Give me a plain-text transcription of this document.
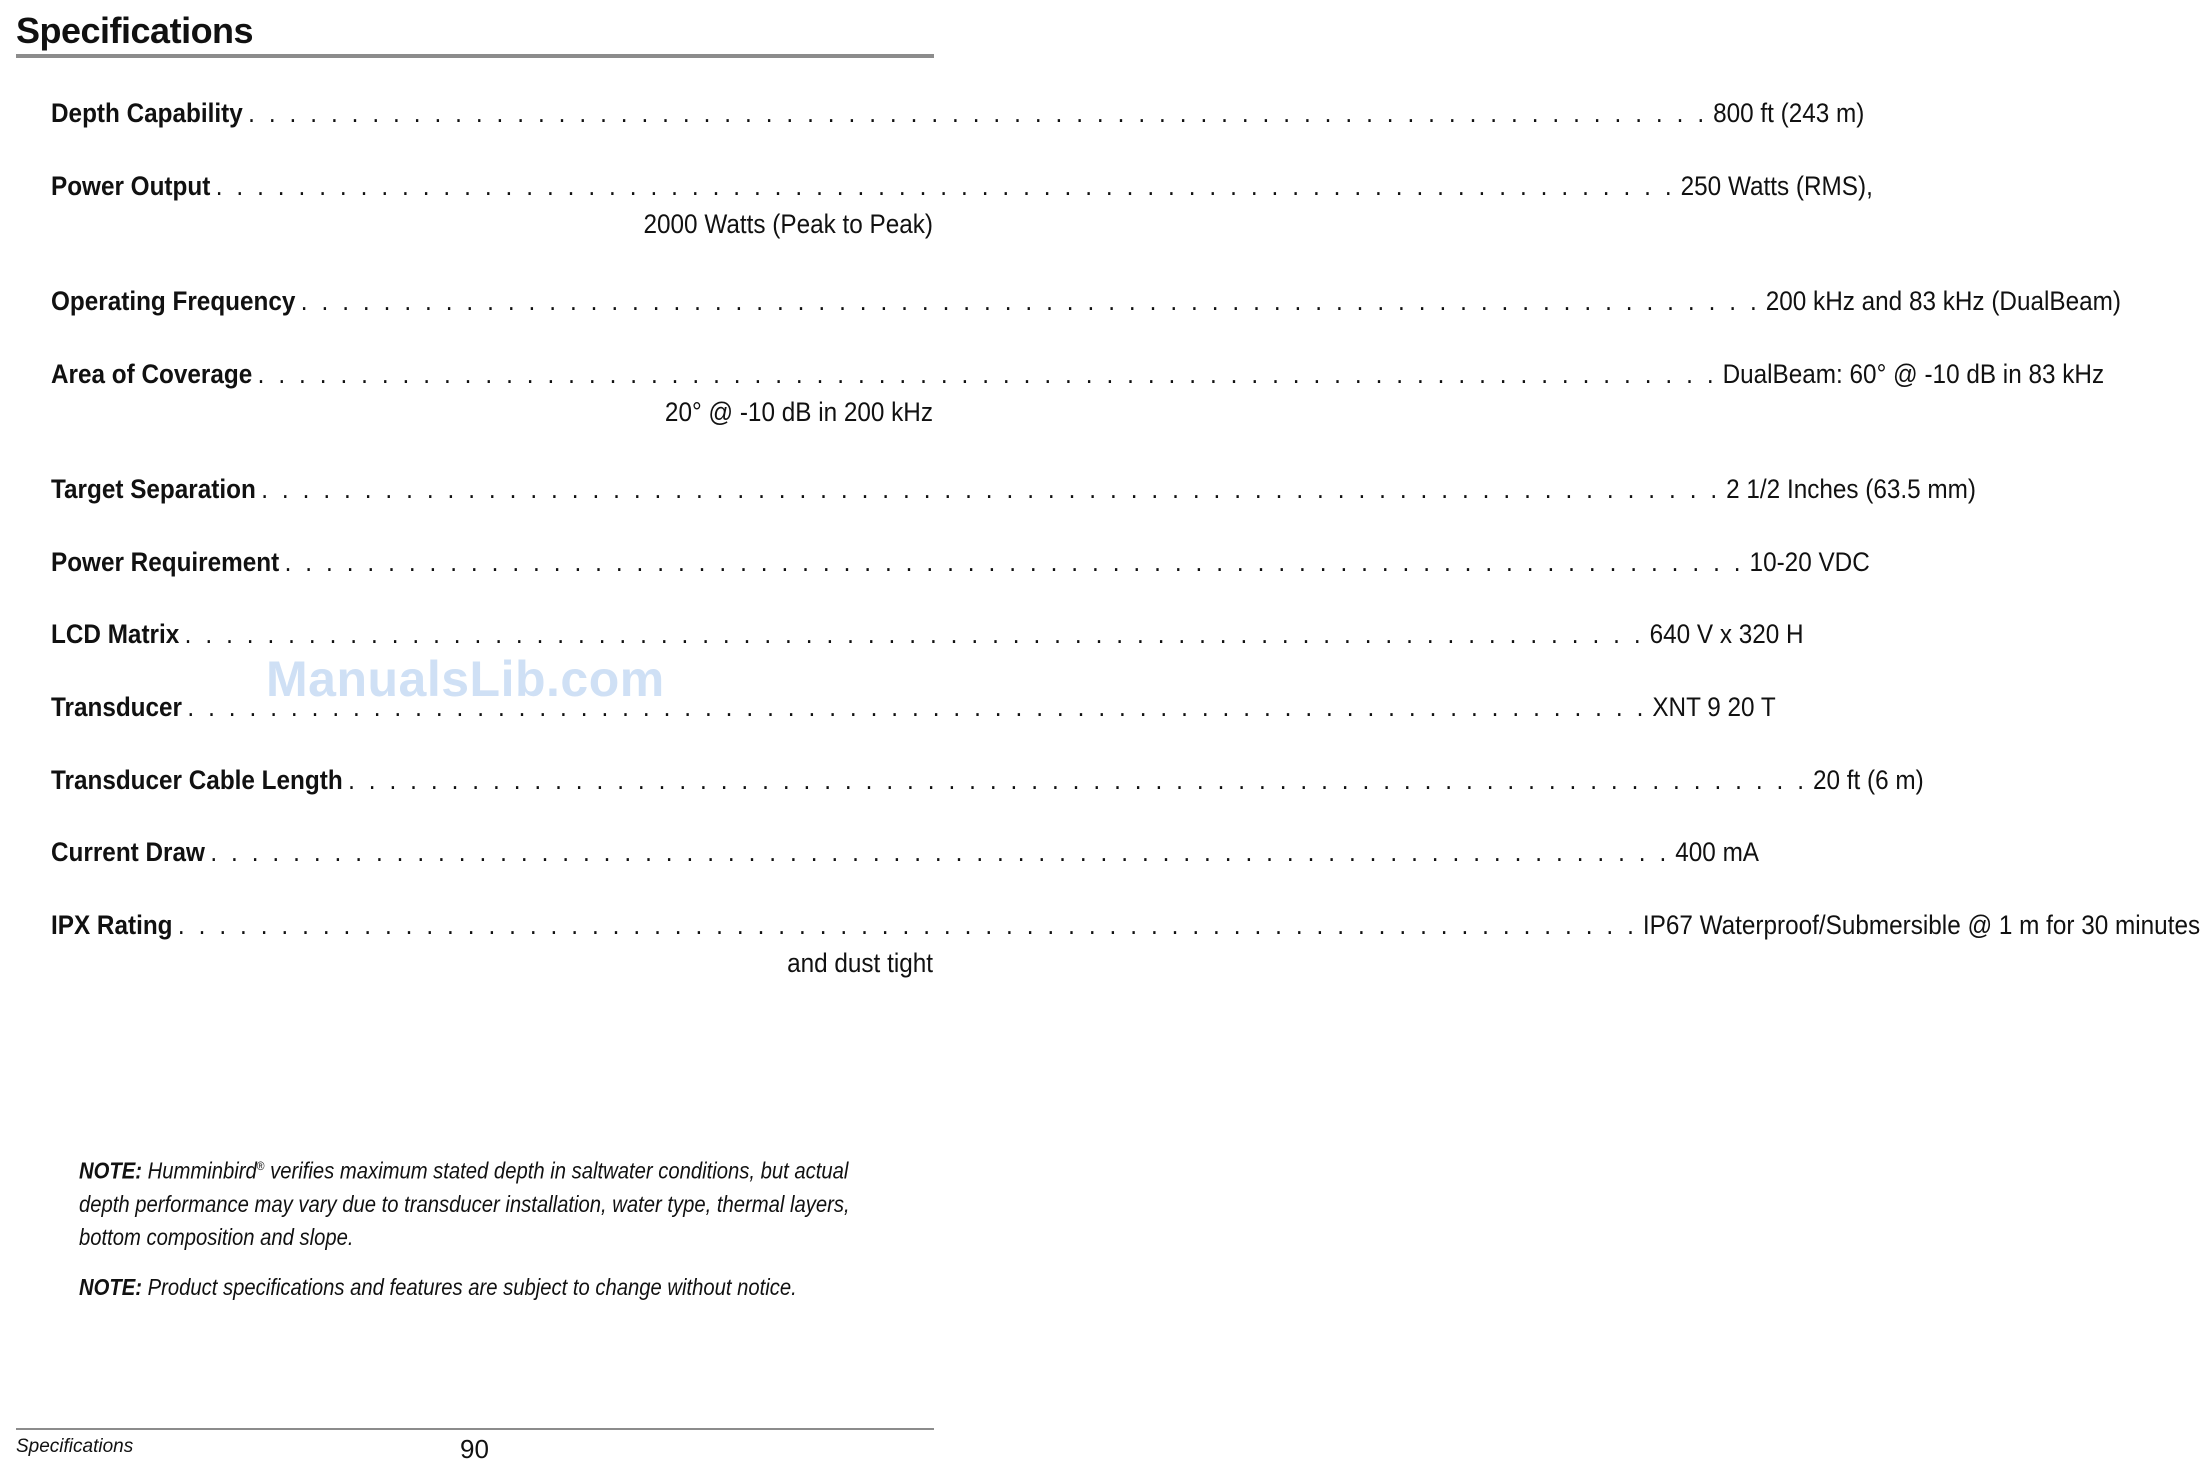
Specifications
Depth Capability . . . . . . . . . . . . . . . . . . . . . . . . . . . . . . . . . . . . . . . . . . . . . . . . . . . . . . . . . . . . . . . . . . . . . . . 800 ft (243 m)
Power Output . . . . . . . . . . . . . . . . . . . . . . . . . . . . . . . . . . . . . . . . . . . . . . . . . . . . . . . . . . . . . . . . . . . . . . . 250 Watts (RMS),
2000 Watts (Peak to Peak)
Operating Frequency . . . . . . . . . . . . . . . . . . . . . . . . . . . . . . . . . . . . . . . . . . . . . . . . . . . . . . . . . . . . . . . . . . . . . . . 200 kHz and 83 kHz (DualBeam)
Area of Coverage . . . . . . . . . . . . . . . . . . . . . . . . . . . . . . . . . . . . . . . . . . . . . . . . . . . . . . . . . . . . . . . . . . . . . . . DualBeam: 60° @ -10 dB in 83 kHz
20° @ -10 dB in 200 kHz
Target Separation . . . . . . . . . . . . . . . . . . . . . . . . . . . . . . . . . . . . . . . . . . . . . . . . . . . . . . . . . . . . . . . . . . . . . . . 2 1/2 Inches (63.5 mm)
Power Requirement . . . . . . . . . . . . . . . . . . . . . . . . . . . . . . . . . . . . . . . . . . . . . . . . . . . . . . . . . . . . . . . . . . . . . . . 10-20 VDC
LCD Matrix . . . . . . . . . . . . . . . . . . . . . . . . . . . . . . . . . . . . . . . . . . . . . . . . . . . . . . . . . . . . . . . . . . . . . . . 640 V x 320 H
Transducer . . . . . . . . . . . . . . . . . . . . . . . . . . . . . . . . . . . . . . . . . . . . . . . . . . . . . . . . . . . . . . . . . . . . . . . XNT 9 20 T
Transducer Cable Length . . . . . . . . . . . . . . . . . . . . . . . . . . . . . . . . . . . . . . . . . . . . . . . . . . . . . . . . . . . . . . . . . . . . . . . 20 ft (6 m)
Current Draw . . . . . . . . . . . . . . . . . . . . . . . . . . . . . . . . . . . . . . . . . . . . . . . . . . . . . . . . . . . . . . . . . . . . . . . 400 mA
IPX Rating . . . . . . . . . . . . . . . . . . . . . . . . . . . . . . . . . . . . . . . . . . . . . . . . . . . . . . . . . . . . . . . . . . . . . . . IP67 Waterproof/Submersible @ 1 m for 30 minutes
and dust tight
ManualsLib.com
NOTE: Humminbird® verifies maximum stated depth in saltwater conditions, but actual depth performance may vary due to transducer installation, water type, thermal layers, bottom composition and slope.
NOTE: Product specifications and features are subject to change without notice.
Specifications	90
